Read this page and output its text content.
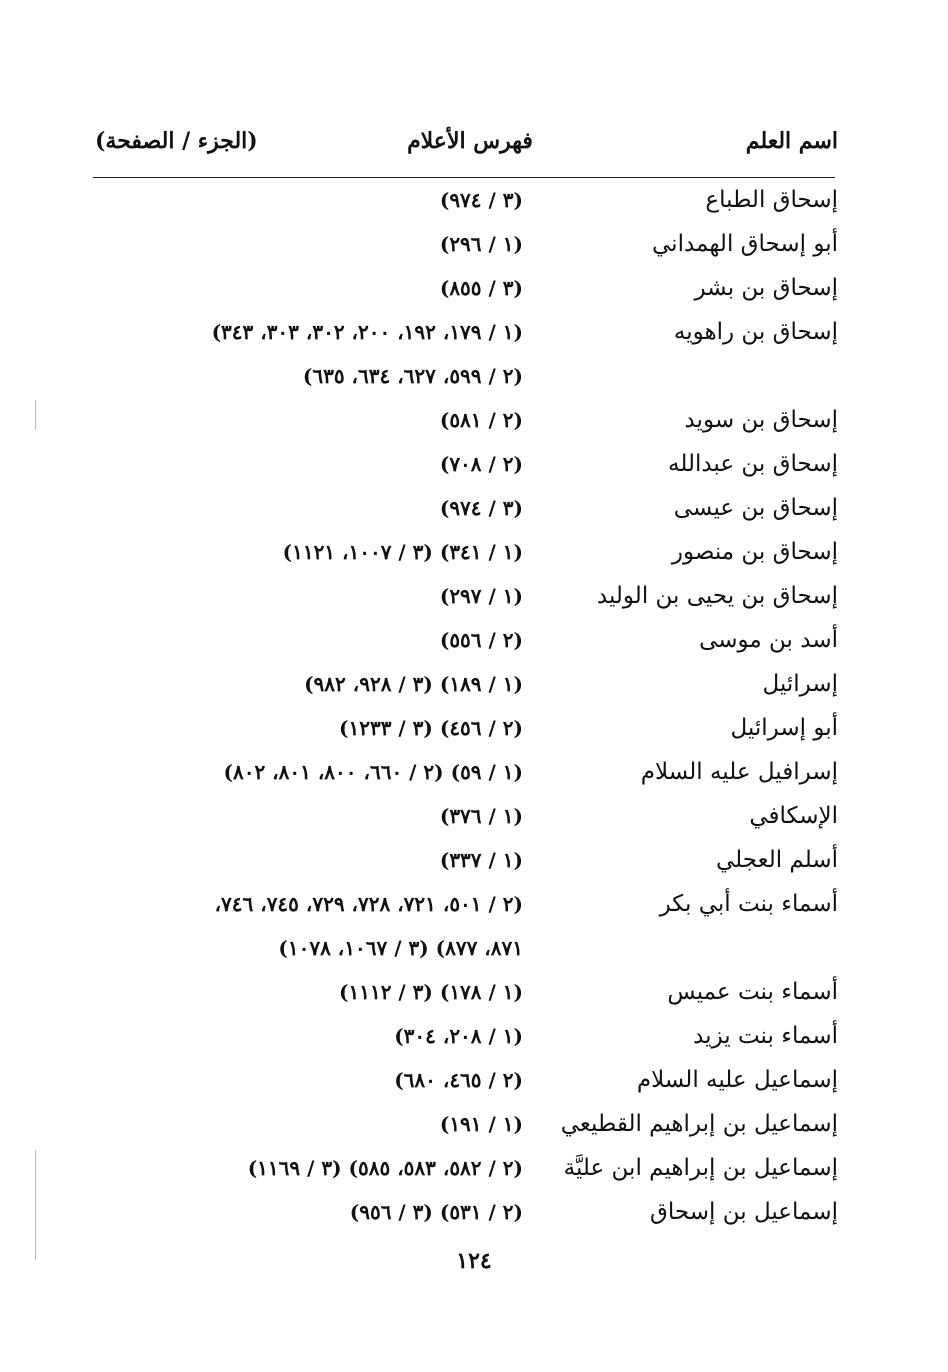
اسم العلم
فهرس الأعلام
(الجزء / الصفحة)
إسحاق الطباع
(٣ / ٩٧٤)
أبو إسحاق الهمداني
(١ / ٢٩٦)
إسحاق بن بشر
(٣ / ٨٥٥)
إسحاق بن راهويه
(١ / ١٧٩، ١٩٢، ٢٠٠، ٣٠٢، ٣٠٣، ٣٤٣)
(٢ / ٥٩٩، ٦٢٧، ٦٣٤، ٦٣٥)
إسحاق بن سويد
(٢ / ٥٨١)
إسحاق بن عبدالله
(٢ / ٧٠٨)
إسحاق بن عيسى
(٣ / ٩٧٤)
إسحاق بن منصور
(١ / ٣٤١) (٣ / ١٠٠٧، ١١٢١)
إسحاق بن يحيى بن الوليد
(١ / ٢٩٧)
أسد بن موسى
(٢ / ٥٥٦)
إسرائيل
(١ / ١٨٩) (٣ / ٩٢٨، ٩٨٢)
أبو إسرائيل
(٢ / ٤٥٦) (٣ / ١٢٣٣)
إسرافيل عليه السلام
(١ / ٥٩) (٢ / ٦٦٠، ٨٠٠، ٨٠١، ٨٠٢)
الإسكافي
(١ / ٣٧٦)
أسلم العجلي
(١ / ٣٣٧)
أسماء بنت أبي بكر
(٢ / ٥٠١، ٧٢١، ٧٢٨، ٧٢٩، ٧٤٥، ٧٤٦،
٨٧١، ٨٧٧) (٣ / ١٠٦٧، ١٠٧٨)
أسماء بنت عميس
(١ / ١٧٨) (٣ / ١١١٢)
أسماء بنت يزيد
(١ / ٢٠٨، ٣٠٤)
إسماعيل عليه السلام
(٢ / ٤٦٥، ٦٨٠)
إسماعيل بن إبراهيم القطيعي
(١ / ١٩١)
إسماعيل بن إبراهيم ابن عليَّة
(٢ / ٥٨٢، ٥٨٣، ٥٨٥) (٣ / ١١٦٩)
إسماعيل بن إسحاق
(٢ / ٥٣١) (٣ / ٩٥٦)
١٢٤
